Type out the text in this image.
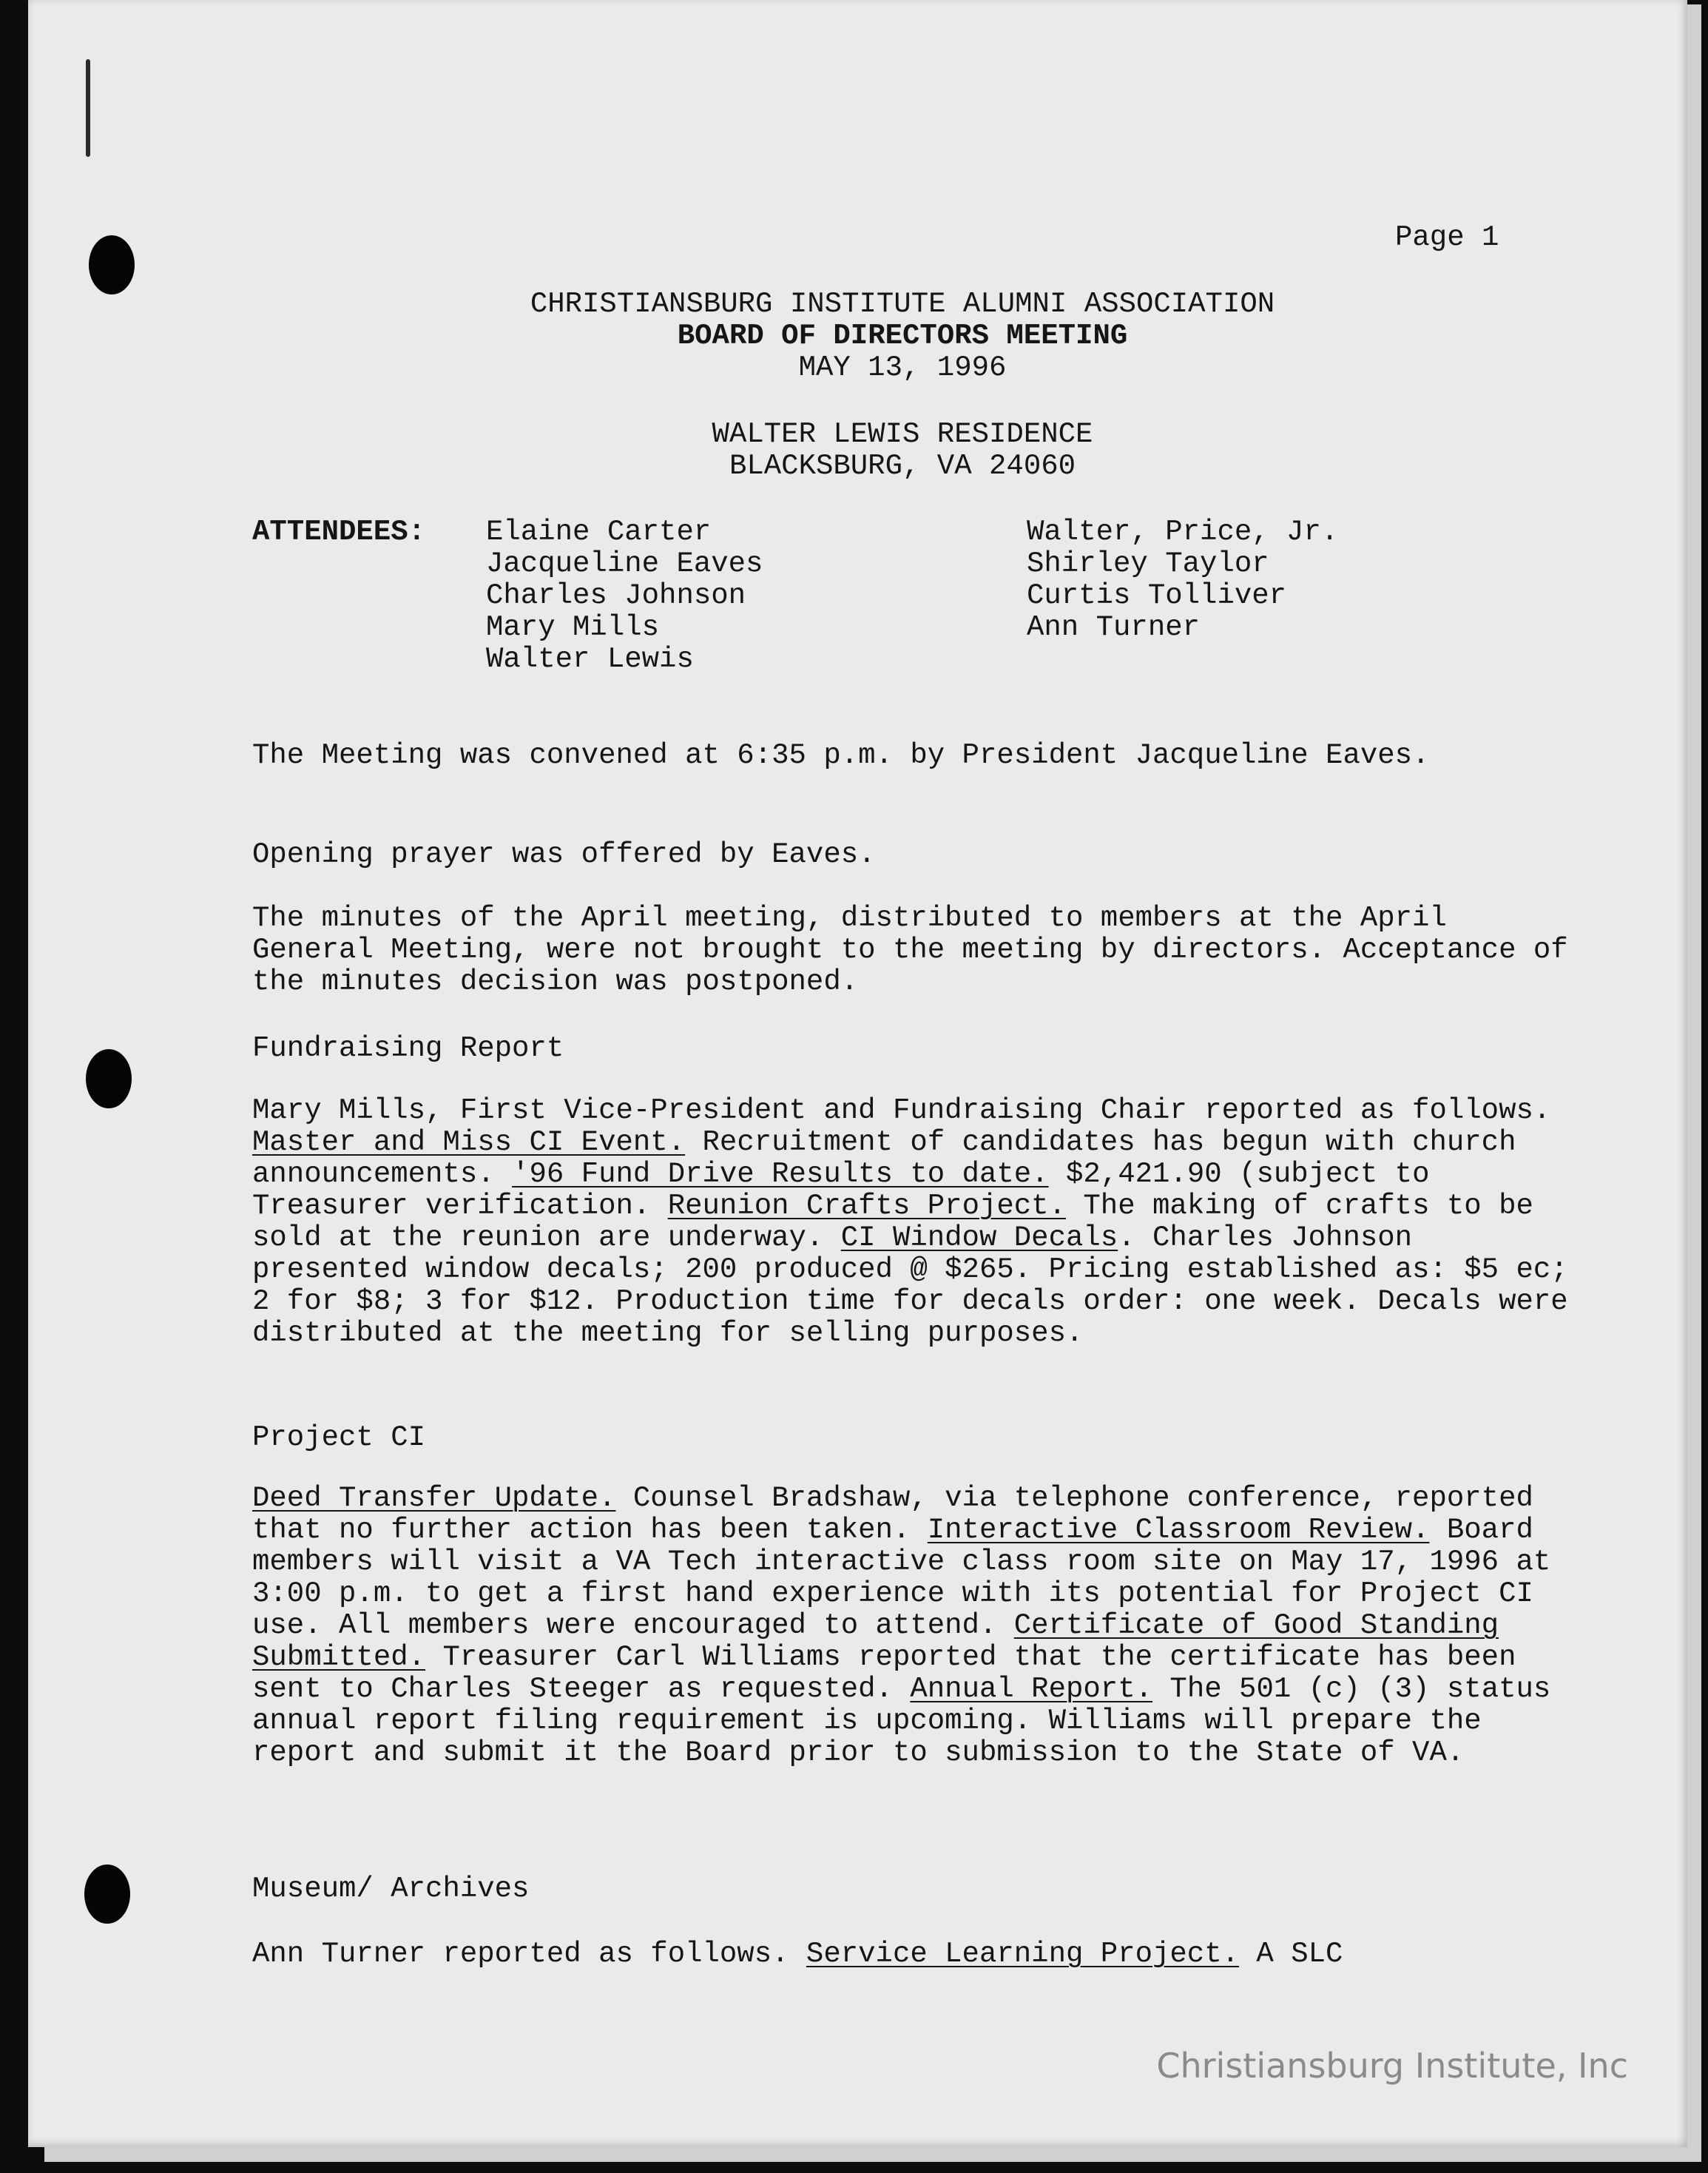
Page 1
CHRISTIANSBURG INSTITUTE ALUMNI ASSOCIATION
BOARD OF DIRECTORS MEETING
MAY 13, 1996
WALTER LEWIS RESIDENCE
BLACKSBURG, VA 24060
ATTENDEES: Elaine Carter
Jacqueline Eaves
Charles Johnson
Mary Mills
Walter Lewis
Walter, Price, Jr.
Shirley Taylor
Curtis Tolliver
Ann Turner
The Meeting was convened at 6:35 p.m. by President Jacqueline Eaves.
Opening prayer was offered by Eaves.
The minutes of the April meeting, distributed to members at the April General Meeting, were not brought to the meeting by directors. Acceptance of the minutes decision was postponed.
Fundraising Report
Mary Mills, First Vice-President and Fundraising Chair reported as follows. Master and Miss CI Event. Recruitment of candidates has begun with church announcements. '96 Fund Drive Results to date. $2,421.90 (subject to Treasurer verification. Reunion Crafts Project. The making of crafts to be sold at the reunion are underway. CI Window Decals. Charles Johnson presented window decals; 200 produced @ $265. Pricing established as: $5 ec; 2 for $8; 3 for $12. Production time for decals order: one week. Decals were distributed at the meeting for selling purposes.
Project CI
Deed Transfer Update. Counsel Bradshaw, via telephone conference, reported that no further action has been taken. Interactive Classroom Review. Board members will visit a VA Tech interactive class room site on May 17, 1996 at 3:00 p.m. to get a first hand experience with its potential for Project CI use. All members were encouraged to attend. Certificate of Good Standing Submitted. Treasurer Carl Williams reported that the certificate has been sent to Charles Steeger as requested. Annual Report. The 501 (c) (3) status annual report filing requirement is upcoming. Williams will prepare the report and submit it the Board prior to submission to the State of VA.
Museum/ Archives
Ann Turner reported as follows. Service Learning Project. A SLC
Christiansburg Institute, Inc
